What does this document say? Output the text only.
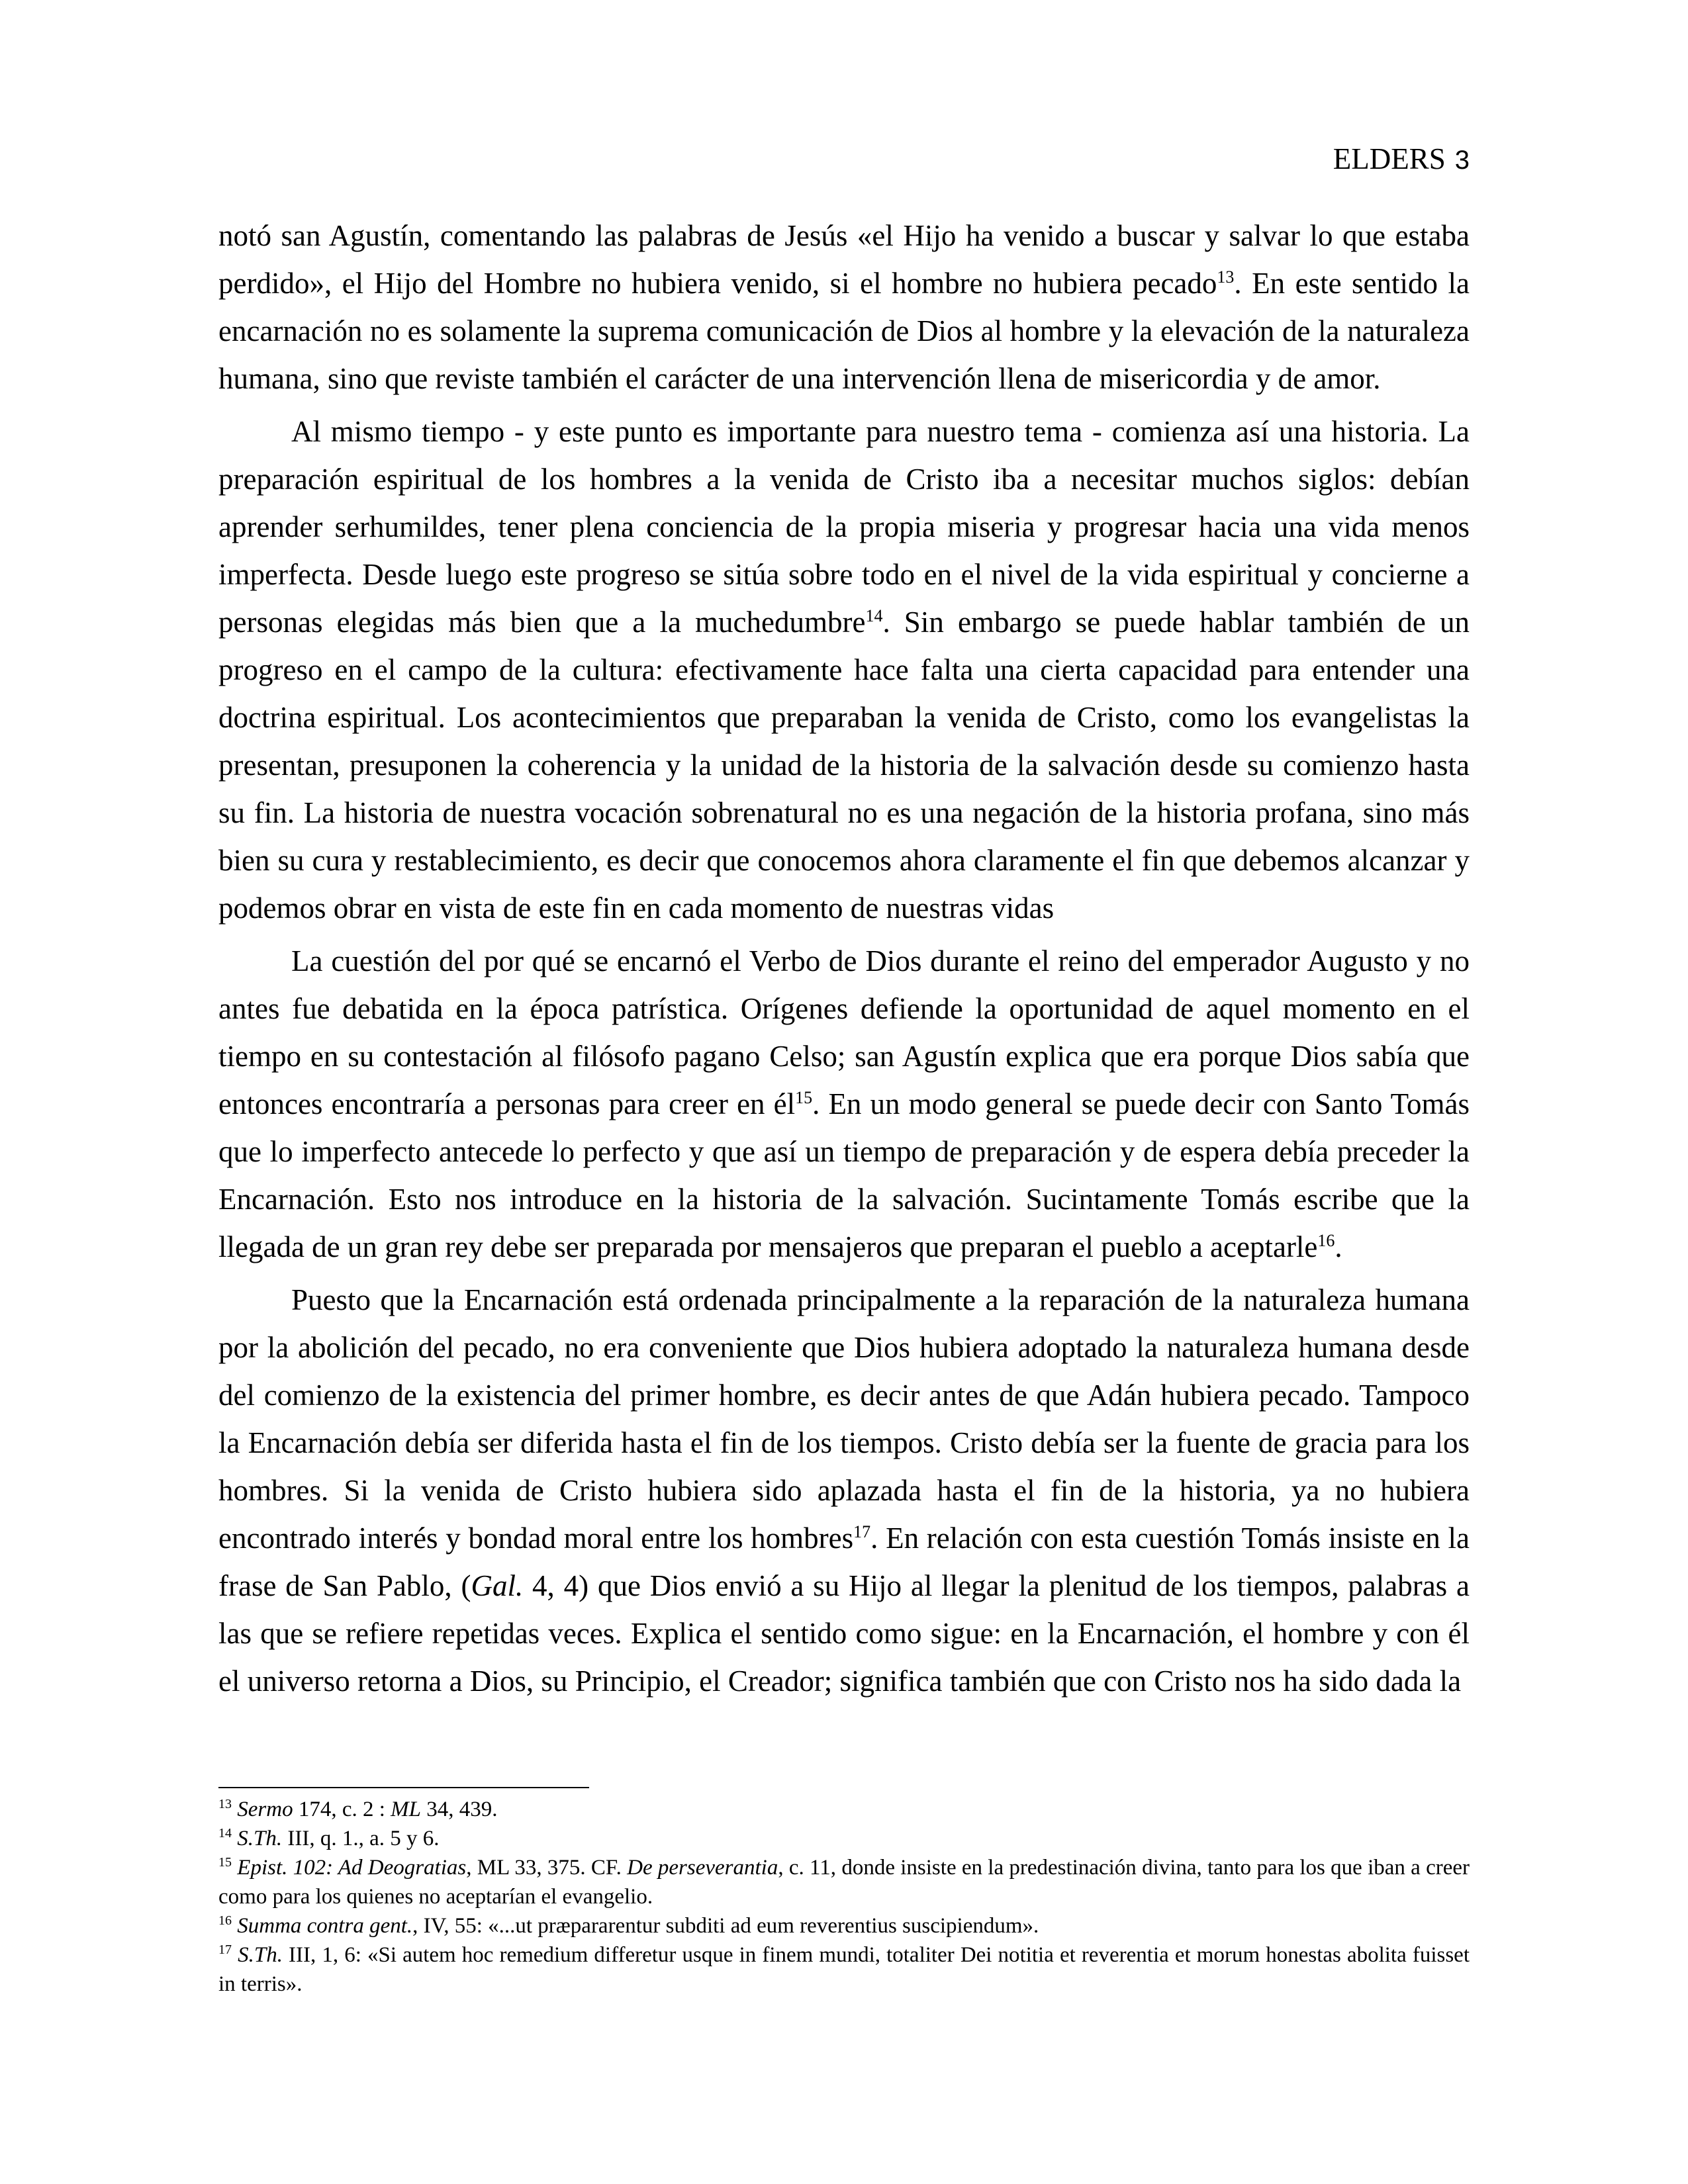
ELDERS 3

notó san Agustín, comentando las palabras de Jesús «el Hijo ha venido a buscar y salvar lo que estaba perdido», el Hijo del Hombre no hubiera venido, si el hombre no hubiera pecado$^{13}$. En este sentido la encarnación no es solamente la suprema comunicación de Dios al hombre y la elevación de la naturaleza humana, sino que reviste también el carácter de una intervención llena de misericordia y de amor.

Al mismo tiempo - y este punto es importante para nuestro tema - comienza así una historia. La preparación espiritual de los hombres a la venida de Cristo iba a necesitar muchos siglos: debían aprender serhumildes, tener plena conciencia de la propia miseria y progresar hacia una vida menos imperfecta. Desde luego este progreso se sitúa sobre todo en el nivel de la vida espiritual y concierne a personas elegidas más bien que a la muchedumbre$^{14}$. Sin embargo se puede hablar también de un progreso en el campo de la cultura: efectivamente hace falta una cierta capacidad para entender una doctrina espiritual. Los acontecimientos que preparaban la venida de Cristo, como los evangelistas la presentan, presuponen la coherencia y la unidad de la historia de la salvación desde su comienzo hasta su fin. La historia de nuestra vocación sobrenatural no es una negación de la historia profana, sino más bien su cura y restablecimiento, es decir que conocemos ahora claramente el fin que debemos alcanzar y podemos obrar en vista de este fin en cada momento de nuestras vidas

La cuestión del por qué se encarnó el Verbo de Dios durante el reino del emperador Augusto y no antes fue debatida en la época patrística. Orígenes defiende la oportunidad de aquel momento en el tiempo en su contestación al filósofo pagano Celso; san Agustín explica que era porque Dios sabía que entonces encontraría a personas para creer en $él^{15}$. En un modo general se puede decir con Santo Tomás que lo imperfecto antecede lo perfecto y que así un tiempo de preparación y de espera debía preceder la Encarnación. Esto nos introduce en la historia de la salvación. Sucintamente Tomás escribe que la llegada de un gran rey debe ser preparada por mensajeros que preparan el pueblo a aceptarle$^{16}$.

Puesto que la Encarnación está ordenada principalmente a la reparación de la naturaleza humana por la abolición del pecado, no era conveniente que Dios hubiera adoptado la naturaleza humana desde del comienzo de la existencia del primer hombre, es decir antes de que Adán hubiera pecado. Tampoco la Encarnación debía ser diferida hasta el fin de los tiempos. Cristo debía ser la fuente de gracia para los hombres. Si la venida de Cristo hubiera sido aplazada hasta el fin de la historia, ya no hubiera encontrado interés y bondad moral entre los hombres$^{17}$. En relación con esta cuestión Tomás insiste en la frase de San Pablo, (Gal. 4, 4) que Dios envió a su Hijo al llegar la plenitud de los tiempos, palabras a las que se refiere repetidas veces. Explica el sentido como sigue: en la Encarnación, el hombre y con él el universo retorna a Dios, su Principio, el Creador; significa también que con Cristo nos ha sido dada la

$^{13}$ Sermo 174, c. 2 : ML 34, 439.

$^{14}$ S.Th. III, q. 1., a. 5 y 6.

$^{15}$ Epist. 102: Ad Deogratias, ML 33, 375. CF. De perseverantia, c. 11, donde insiste en la predestinación divina, tanto para los que iban a creer como para los quienes no aceptarían el evangelio.

$^{16}$ Summa contra gent., IV, 55: «...ut præpararentur subditi ad eum reverentius suscipiendum».

$^{17}$ S.Th. III, 1, 6: «Si autem hoc remedium differetur usque in finem mundi, totaliter Dei notitia et reverentia et morum honestas abolita fuisset in terris».
